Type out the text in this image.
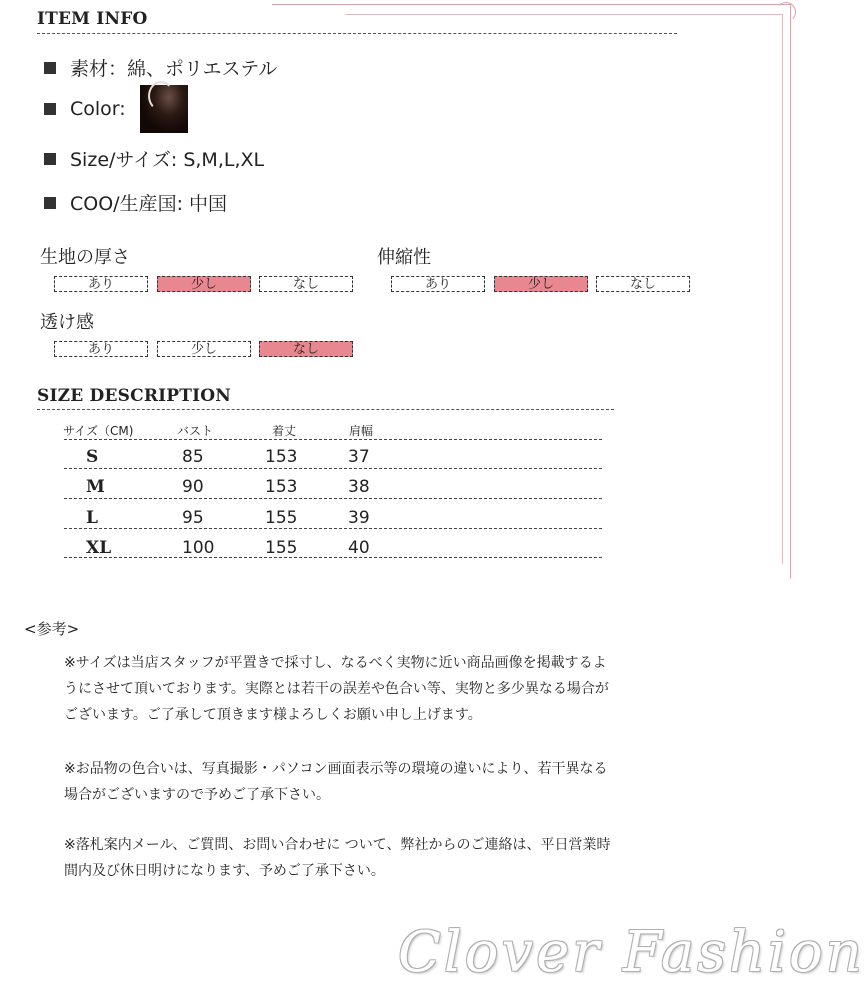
ITEM INFO
素材：綿、ポリエステル
Color:
Size/サイズ: S,M,L,XL
COO/生産国: 中国
生地の厚さ
あり	少し	なし
伸縮性
あり	少し	なし
透け感
あり	少し	なし
SIZE DESCRIPTION
サイズ（CM)	バスト	着丈	肩幅
S	85	153	37
M	90	153	38
L	95	155	39
XL	100	155	40
<参考>
※サイズは当店スタッフが平置きで採寸し、なるべく実物に近い商品画像を掲載するよ
うにさせて頂いております。実際とは若干の誤差や色合い等、実物と多少異なる場合が
ございます。ご了承して頂きます様よろしくお願い申し上げます。
※お品物の色合いは、写真撮影・パソコン画面表示等の環境の違いにより、若干異なる
場合がございますので予めご了承下さい。
※落札案内メール、ご質問、お問い合わせに ついて、弊社からのご連絡は、平日営業時
間内及び休日明けになります、予めご了承下さい。
Clover Fashion
